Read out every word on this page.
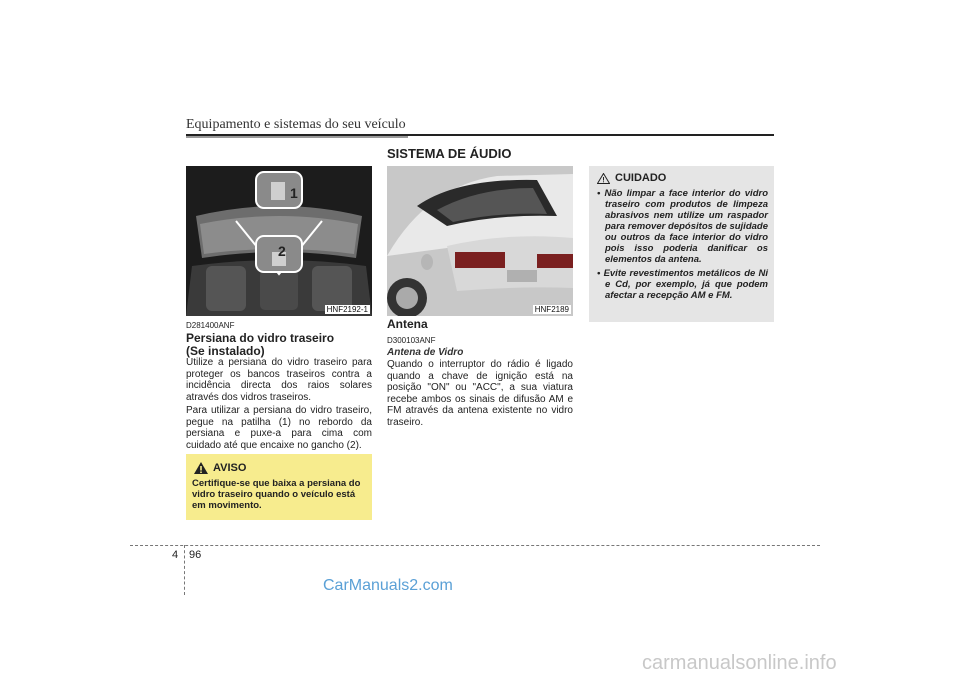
Equipamento e sistemas do seu veículo
SISTEMA DE ÁUDIO
1
2
HNF2192-1	HNF2189
D281400ANF
Persiana do vidro traseiro
(Se instalado)
Utilize a persiana do vidro traseiro para proteger os bancos traseiros contra a incidência directa dos raios solares através dos vidros traseiros.
Para utilizar a persiana do vidro traseiro, pegue na patilha (1) no rebordo da persiana e puxe-a para cima com cuidado até que encaixe no gancho (2).
AVISO
Certifique-se que baixa a persiana do vidro traseiro quando o veículo está em movimento.
Antena
D300103ANF
Antena de Vidro
Quando o interruptor do rádio é ligado quando a chave de ignição está na posição "ON" ou "ACC", a sua viatura recebe ambos os sinais de difusão AM e FM através da antena existente no vidro traseiro.
CUIDADO
• Não limpar a face interior do vidro traseiro com produtos de limpeza abrasivos nem utilize um raspador para remover depósitos de sujidade ou outros da face interior do vidro pois isso poderia danificar os elementos da antena.
• Evite revestimentos metálicos de Ni e Cd, por exemplo, já que podem afectar a recepção AM e FM.
4 96
CarManuals2.com
carmanualsonline.info
